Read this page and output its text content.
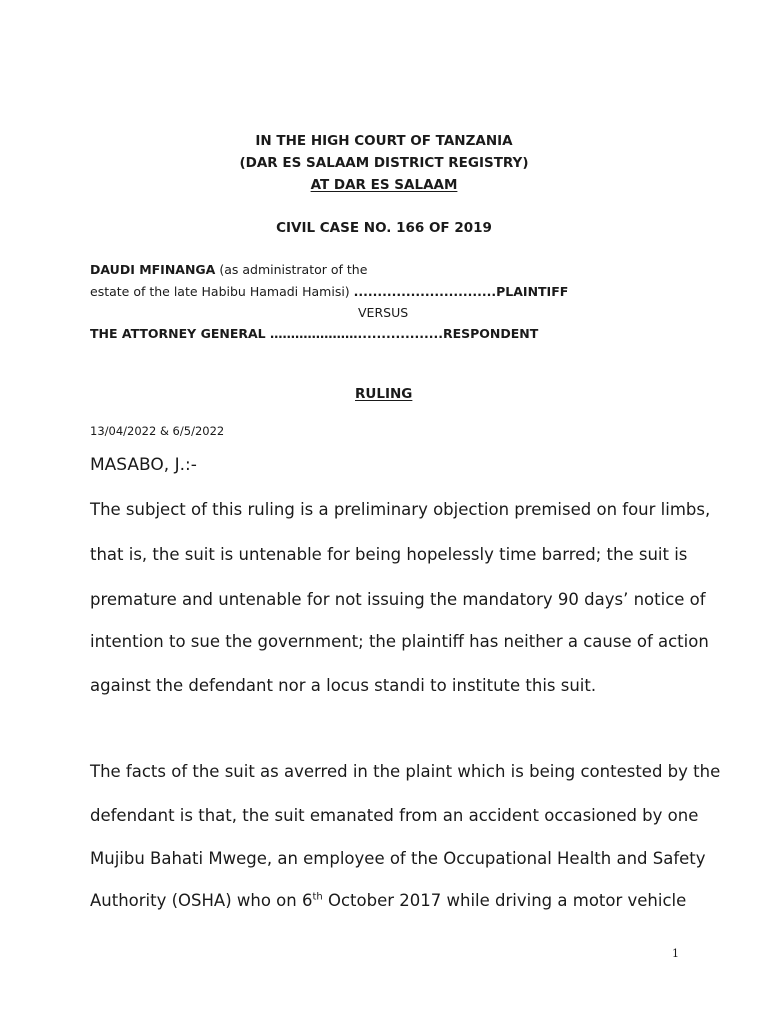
IN THE HIGH COURT OF TANZANIA
(DAR ES SALAAM DISTRICT REGISTRY)
AT DAR ES SALAAM
CIVIL CASE NO. 166 OF 2019
DAUDI MFINANGA (as administrator of the
estate of the late Habibu Hamadi Hamisi) ..............................PLAINTIFF
VERSUS
THE ATTORNEY GENERAL …………………..................RESPONDENT
RULING
13/04/2022 & 6/5/2022
MASABO, J.:-
The subject of this ruling is a preliminary objection premised on four limbs,
that is, the suit is untenable for being hopelessly time barred; the suit is
premature and untenable for not issuing the mandatory 90 days’ notice of
intention to sue the government; the plaintiff has neither a cause of action
against the defendant nor a locus standi to institute this suit.
The facts of the suit as averred in the plaint which is being contested by the
defendant is that, the suit emanated from an accident occasioned by one
Mujibu Bahati Mwege, an employee of the Occupational Health and Safety
Authority (OSHA) who on 6th October 2017 while driving a motor vehicle
1
